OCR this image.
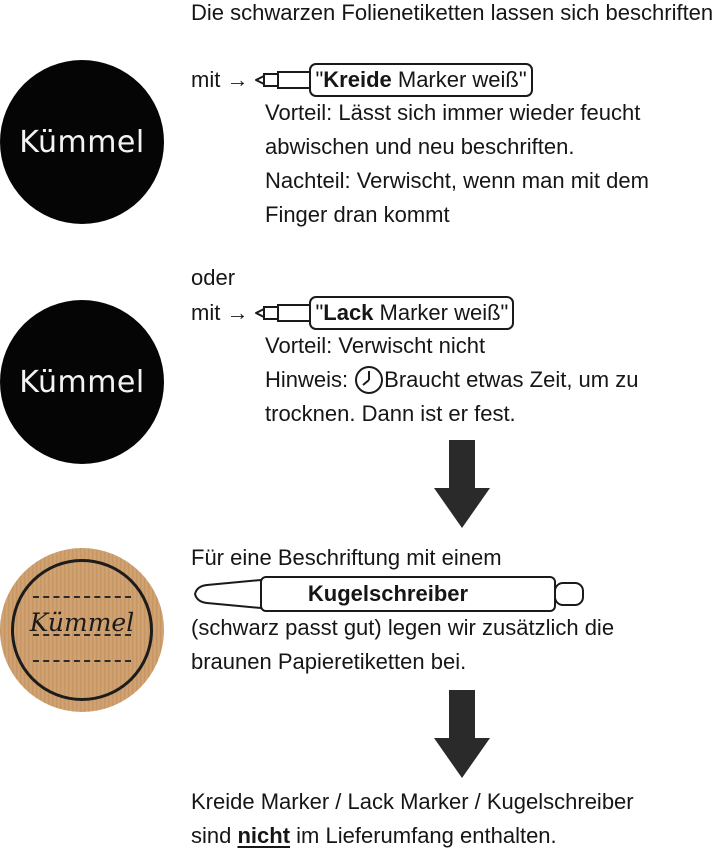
Die schwarzen Folienetiketten lassen sich beschriften
Kümmel
mit →	"Kreide Marker weiß"
Vorteil: Lässt sich immer wieder feucht
abwischen und neu beschriften.
Nachteil: Verwischt, wenn man mit dem
Finger dran kommt
Kümmel
oder
mit →	"Lack Marker weiß"
Vorteil: Verwischt nicht
Hinweis: Braucht etwas Zeit, um zu
trocknen. Dann ist er fest.
Kümmel
Für eine Beschriftung mit einem
Kugelschreiber
(schwarz passt gut) legen wir zusätzlich die
braunen Papieretiketten bei.
Kreide Marker / Lack Marker / Kugelschreiber
sind nicht im Lieferumfang enthalten.
